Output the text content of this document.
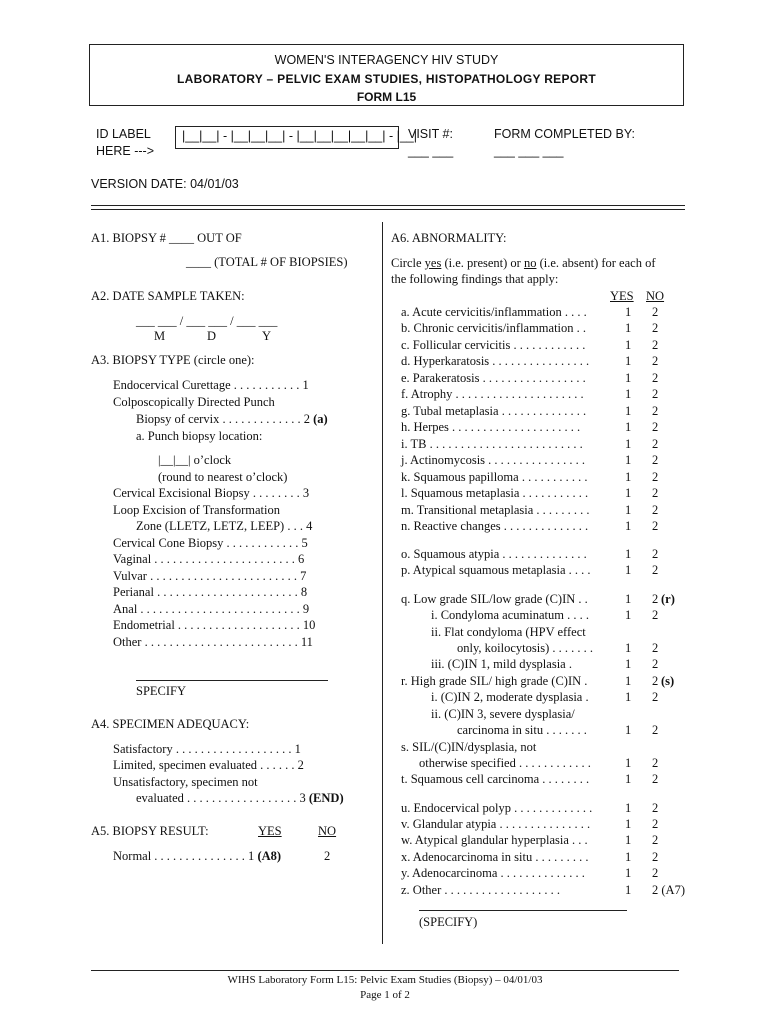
WOMEN'S INTERAGENCY HIV STUDY
LABORATORY – PELVIC EXAM STUDIES, HISTOPATHOLOGY REPORT
FORM L15
ID LABEL
HERE --->
|__|__| - |__|__|__| - |__|__|__|__|__| - |__|
VISIT #:
___ ___
FORM COMPLETED BY:
___ ___ ___
VERSION DATE: 04/01/03
A1. BIOPSY # ____ OUT OF
____ (TOTAL # OF BIOPSIES)
A2. DATE SAMPLE TAKEN:
___ ___ / ___ ___ / ___ ___
M	D	Y
A3. BIOPSY TYPE (circle one):
Endocervical Curettage . . . . . . . . . . . 1
Colposcopically Directed Punch
Biopsy of cervix . . . . . . . . . . . . . 2 (a)
a. Punch biopsy location:
|__|__| o’clock
(round to nearest o’clock)
Cervical Excisional Biopsy . . . . . . . . 3
Loop Excision of Transformation
Zone (LLETZ, LETZ, LEEP) . . . 4
Cervical Cone Biopsy . . . . . . . . . . . . 5
Vaginal . . . . . . . . . . . . . . . . . . . . . . . 6
Vulvar . . . . . . . . . . . . . . . . . . . . . . . . 7
Perianal . . . . . . . . . . . . . . . . . . . . . . . 8
Anal . . . . . . . . . . . . . . . . . . . . . . . . . . 9
Endometrial . . . . . . . . . . . . . . . . . . . . 10
Other . . . . . . . . . . . . . . . . . . . . . . . . . 11
SPECIFY
A4. SPECIMEN ADEQUACY:
Satisfactory . . . . . . . . . . . . . . . . . . . 1
Limited, specimen evaluated . . . . . . 2
Unsatisfactory, specimen not
evaluated . . . . . . . . . . . . . . . . . . 3 (END)
A5. BIOPSY RESULT:	YES	NO
Normal . . . . . . . . . . . . . . . 1 (A8)	2
A6. ABNORMALITY:
Circle yes (i.e. present) or no (i.e. absent) for each of
the following findings that apply:
YES NO
a. Acute cervicitis/inflammation . . . .	1 2
b. Chronic cervicitis/inflammation . .	1 2
c. Follicular cervicitis . . . . . . . . . . . .	1 2
d. Hyperkaratosis . . . . . . . . . . . . . . . .	1 2
e. Parakeratosis . . . . . . . . . . . . . . . . .	1 2
f. Atrophy . . . . . . . . . . . . . . . . . . . . .	1 2
g. Tubal metaplasia . . . . . . . . . . . . . .	1 2
h. Herpes . . . . . . . . . . . . . . . . . . . . .	1 2
i. TB . . . . . . . . . . . . . . . . . . . . . . . . .	1 2
j. Actinomycosis . . . . . . . . . . . . . . . .	1 2
k. Squamous papilloma . . . . . . . . . . .	1 2
l. Squamous metaplasia . . . . . . . . . . .	1 2
m. Transitional metaplasia . . . . . . . . .	1 2
n. Reactive changes . . . . . . . . . . . . . .	1 2
o. Squamous atypia . . . . . . . . . . . . . .	1 2
p. Atypical squamous metaplasia . . . .	1 2
q. Low grade SIL/low grade (C)IN . .	1 2 (r)
i. Condyloma acuminatum . . . .	1 2
ii. Flat condyloma (HPV effect
only, koilocytosis) . . . . . . .	1 2
iii. (C)IN 1, mild dysplasia .	1 2
r. High grade SIL/ high grade (C)IN .	1 2 (s)
i. (C)IN 2, moderate dysplasia .	1 2
ii. (C)IN 3, severe dysplasia/
carcinoma in situ . . . . . . .	1 2
s. SIL/(C)IN/dysplasia, not
otherwise specified . . . . . . . . . . . .	1 2
t. Squamous cell carcinoma . . . . . . . .	1 2
u. Endocervical polyp . . . . . . . . . . . . .	1 2
v. Glandular atypia . . . . . . . . . . . . . . .	1 2
w. Atypical glandular hyperplasia . . .	1 2
x. Adenocarcinoma in situ . . . . . . . . .	1 2
y. Adenocarcinoma . . . . . . . . . . . . . .	1 2
z. Other . . . . . . . . . . . . . . . . . . .	1 2 (A7)
(SPECIFY)
WIHS Laboratory Form L15: Pelvic Exam Studies (Biopsy) – 04/01/03
Page 1 of 2
